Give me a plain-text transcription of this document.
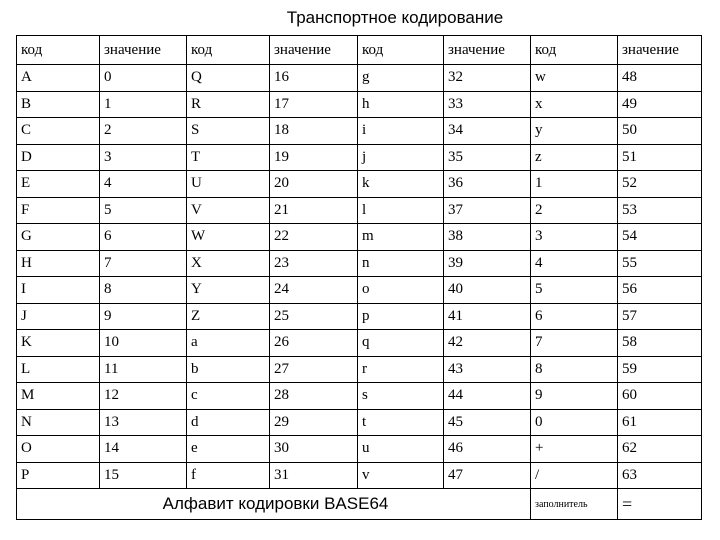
Транспортное кодирование
код	значение	код	значение	код	значение	код	значение
A	0	Q	16	g	32	w	48
B	1	R	17	h	33	x	49
C	2	S	18	i	34	y	50
D	3	T	19	j	35	z	51
E	4	U	20	k	36	1	52
F	5	V	21	l	37	2	53
G	6	W	22	m	38	3	54
H	7	X	23	n	39	4	55
I	8	Y	24	o	40	5	56
J	9	Z	25	p	41	6	57
K	10	a	26	q	42	7	58
L	11	b	27	r	43	8	59
M	12	c	28	s	44	9	60
N	13	d	29	t	45	0	61
O	14	e	30	u	46	+	62
P	15	f	31	v	47	/	63
Алфавит кодировки BASE64						заполнитель	=
